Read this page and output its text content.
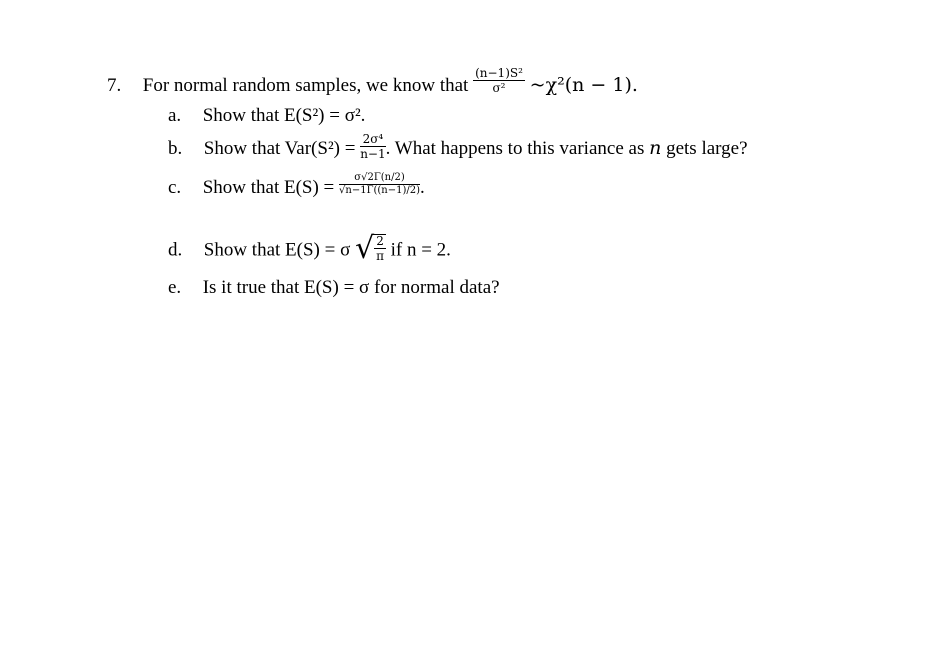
7. For normal random samples, we know that $\frac{\text{(n−1)S²}}{\text{σ²}}$ ~χ²(n − 1).
a. Show that E(S²) = σ².
b. Show that $Var(S^2) = \frac{\text{2σ⁴}}{n-1}$ . What happens to this variance as n gets large?
c. Show that $E(S) = \frac{\sigma√2\Gamma(n/2)}{√n-1\Gamma((n-1)/2)}$ .
d. Show that E(S) = σ √ $\frac{2}{\pi}$ if n = 2.
e. Is it true that E(S) = σ for normal data?
